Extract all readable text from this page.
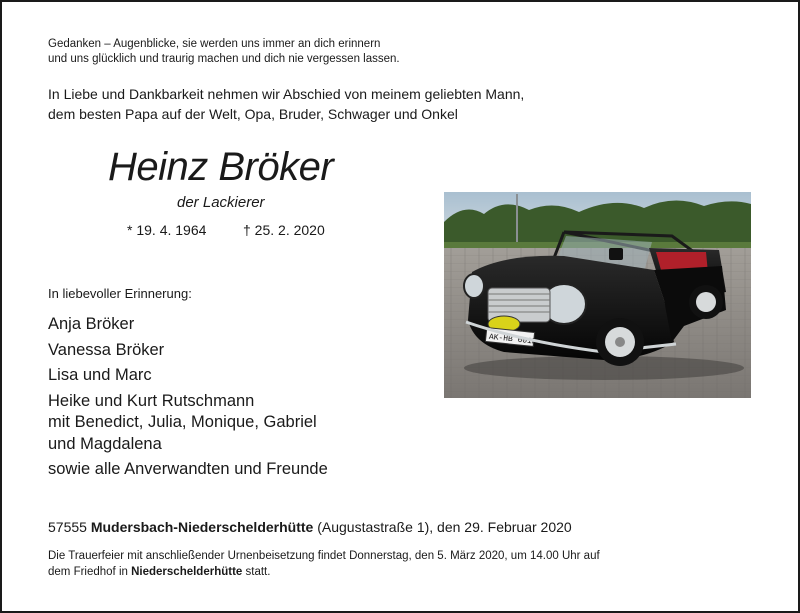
Gedanken – Augenblicke, sie werden uns immer an dich erinnern
und uns glücklich und traurig machen und dich nie vergessen lassen.
In Liebe und Dankbarkeit nehmen wir Abschied von meinem geliebten Mann,
dem besten Papa auf der Welt, Opa, Bruder, Schwager und Onkel
Heinz Bröker
der Lackierer
* 19. 4. 1964	† 25. 2. 2020
In liebevoller Erinnerung:
Anja Bröker
Vanessa Bröker
Lisa und Marc
Heike und Kurt Rutschmann
mit Benedict, Julia, Monique, Gabriel
und Magdalena
sowie alle Anverwandten und Freunde
57555 Mudersbach-Niederschelderhütte (Augustastraße 1), den 29. Februar 2020
Die Trauerfeier mit anschließender Urnenbeisetzung findet Donnerstag, den 5. März 2020, um 14.00 Uhr auf
dem Friedhof in Niederschelderhütte statt.
AK-HB 601H
